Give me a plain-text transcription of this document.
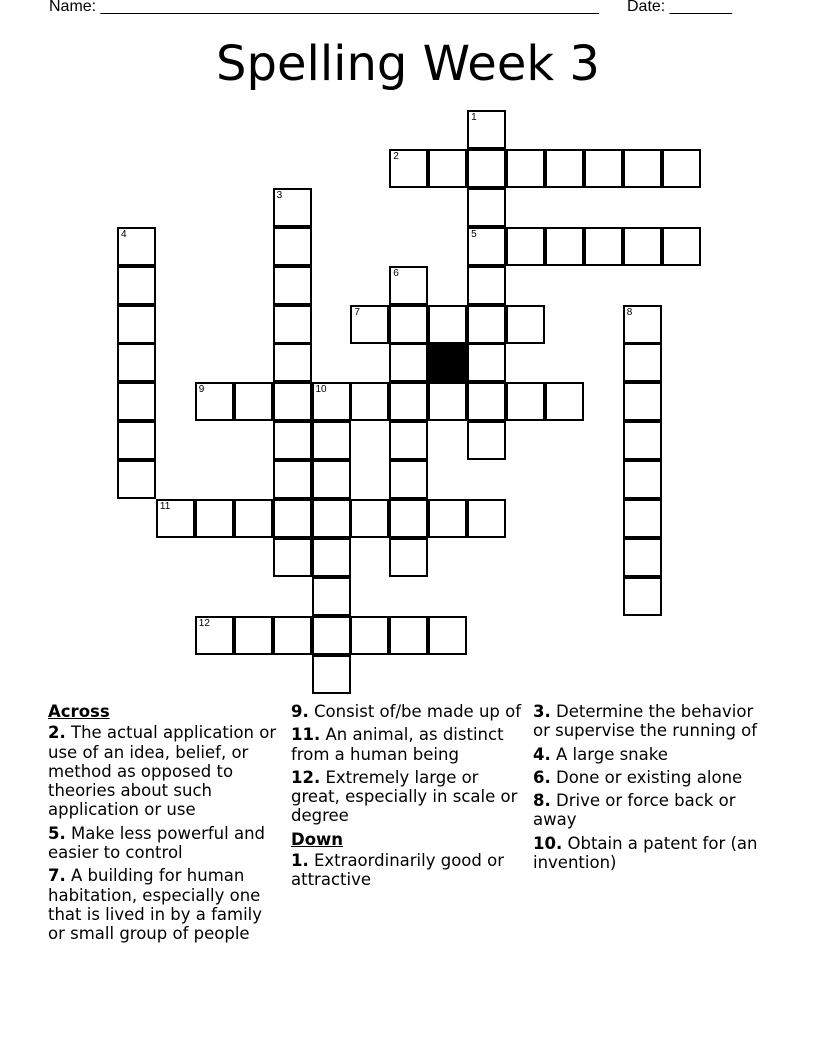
Name: ________________________________________________________ Date: _______
Spelling Week 3
1
2
3
4	5
6
7	8
9	10
11
12
Across
2. The actual application or use of an idea, belief, or method as opposed to theories about such application or use
5. Make less powerful and easier to control
7. A building for human habitation, especially one that is lived in by a family or small group of people
9. Consist of/be made up of
11. An animal, as distinct from a human being
12. Extremely large or great, especially in scale or degree
Down
1. Extraordinarily good or attractive
3. Determine the behavior or supervise the running of
4. A large snake
6. Done or existing alone
8. Drive or force back or away
10. Obtain a patent for (an invention)
